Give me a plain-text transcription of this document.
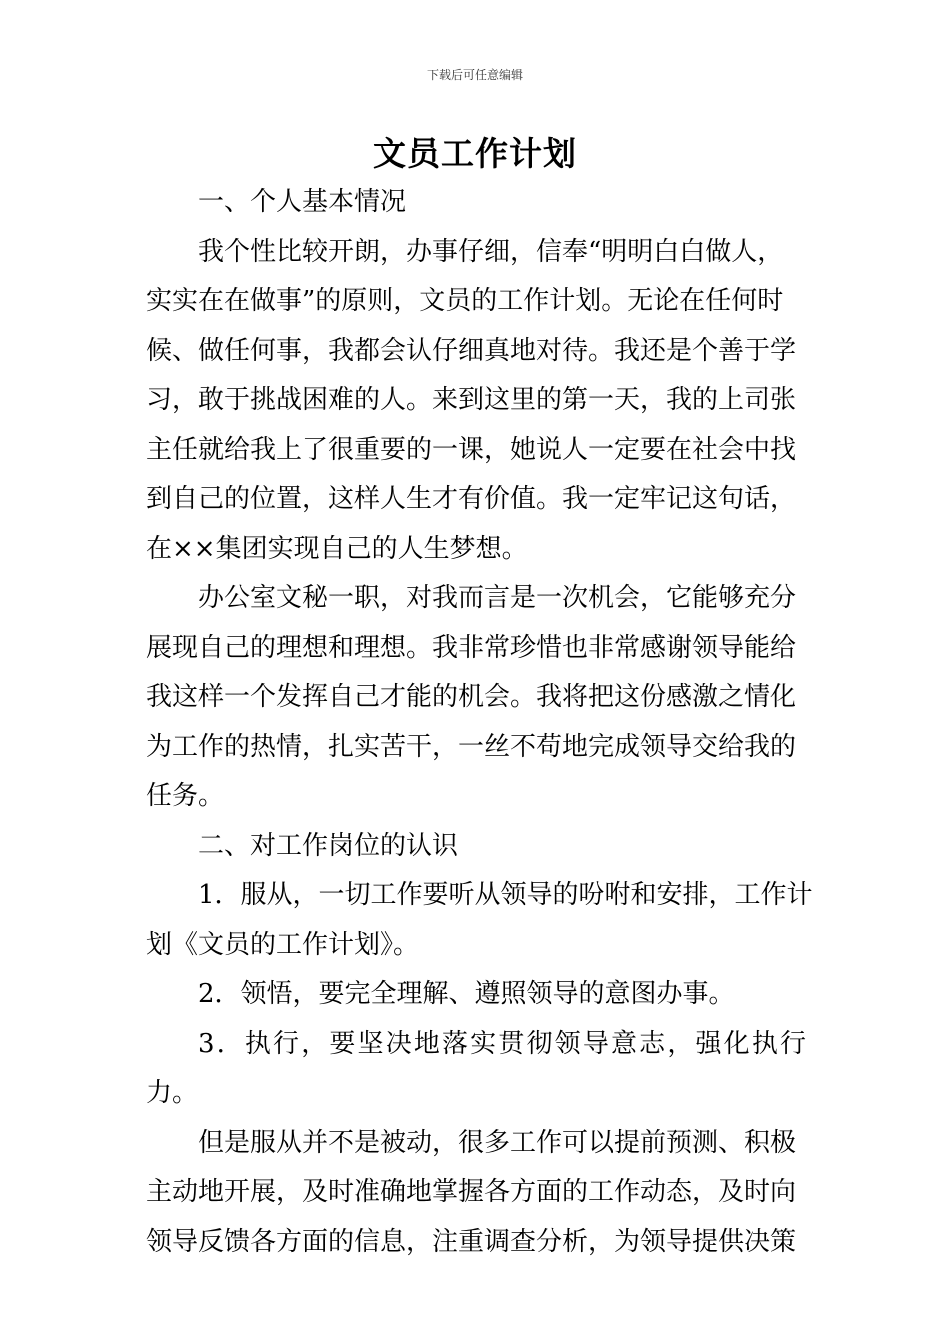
下载后可任意编辑
文员工作计划

一、个人基本情况

我个性比较开朗，办事仔细，信奉“明明白白做人，
实实在在做事”的原则，文员的工作计划。无论在任何时
候、做任何事，我都会认仔细真地对待。我还是个善于学
习，敢于挑战困难的人。来到这里的第一天，我的上司张
主任就给我上了很重要的一课，她说人一定要在社会中找
到自己的位置，这样人生才有价值。我一定牢记这句话，
在××集团实现自己的人生梦想。

办公室文秘一职，对我而言是一次机会，它能够充分
展现自己的理想和理想。我非常珍惜也非常感谢领导能给
我这样一个发挥自己才能的机会。我将把这份感激之情化
为工作的热情，扎实苦干，一丝不苟地完成领导交给我的
任务。

二、对工作岗位的认识

1．服从，一切工作要听从领导的吩咐和安排，工作计
划《文员的工作计划》。

2．领悟，要完全理解、遵照领导的意图办事。

3．执行，要坚决地落实贯彻领导意志，强化执行力。

但是服从并不是被动，很多工作可以提前预测、积极
主动地开展，及时准确地掌握各方面的工作动态，及时向
领导反馈各方面的信息，注重调查分析，为领导提供决策
